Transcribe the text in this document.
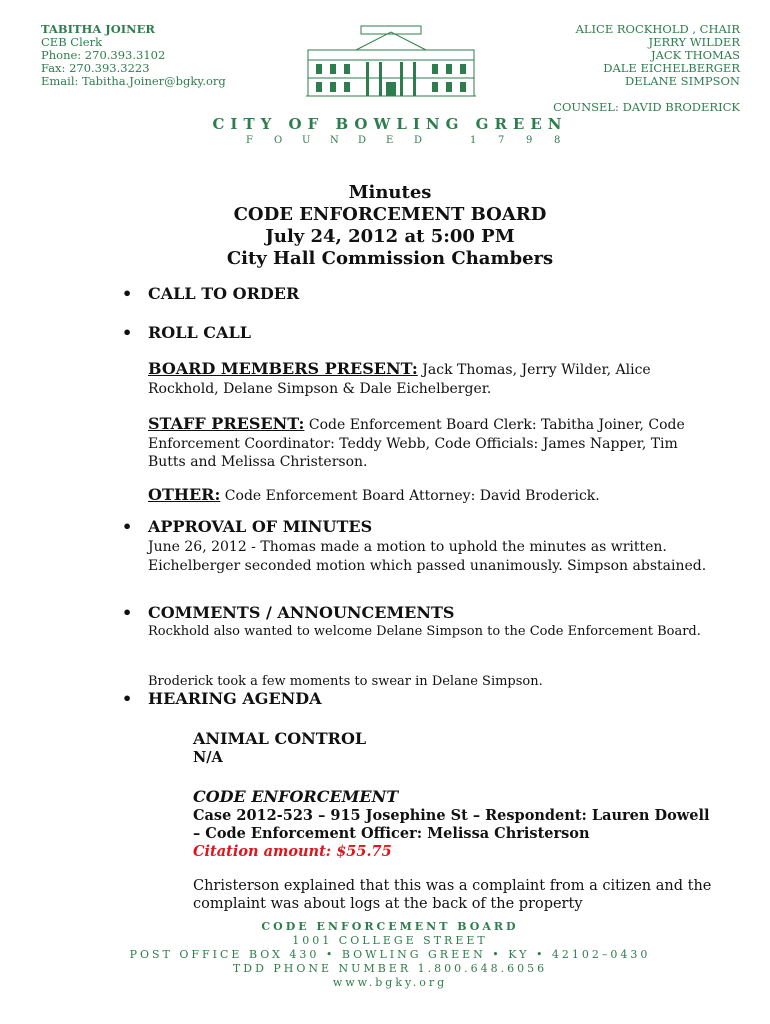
TABITHA JOINER
CEB Clerk
Phone: 270.393.3102
Fax: 270.393.3223
Email: Tabitha.Joiner@bgky.org
ALICE ROCKHOLD , CHAIR
JERRY WILDER
JACK THOMAS
DALE EICHELBERGER
DELANE SIMPSON
COUNSEL: DAVID BRODERICK
CITY OF BOWLING GREEN
F O U N D E D	1 7 9 8
Minutes
CODE ENFORCEMENT BOARD
July 24, 2012 at 5:00 PM
City Hall Commission Chambers
• CALL TO ORDER
• ROLL CALL
BOARD MEMBERS PRESENT: Jack Thomas, Jerry Wilder, Alice Rockhold, Delane Simpson & Dale Eichelberger.
STAFF PRESENT: Code Enforcement Board Clerk: Tabitha Joiner, Code Enforcement Coordinator: Teddy Webb, Code Officials: James Napper, Tim Butts and Melissa Christerson.
OTHER: Code Enforcement Board Attorney: David Broderick.
• APPROVAL OF MINUTES
June 26, 2012 - Thomas made a motion to uphold the minutes as written. Eichelberger seconded motion which passed unanimously. Simpson abstained.
• COMMENTS / ANNOUNCEMENTS
Rockhold also wanted to welcome Delane Simpson to the Code Enforcement Board.
Broderick took a few moments to swear in Delane Simpson.
• HEARING AGENDA
ANIMAL CONTROL
N/A
CODE ENFORCEMENT
Case 2012-523 – 915 Josephine St – Respondent: Lauren Dowell – Code Enforcement Officer: Melissa Christerson
Citation amount: $55.75
Christerson explained that this was a complaint from a citizen and the complaint was about logs at the back of the property
CODE ENFORCEMENT BOARD
1001 COLLEGE STREET
POST OFFICE BOX 430 • BOWLING GREEN • KY • 42102–0430
TDD PHONE NUMBER 1.800.648.6056
www.bgky.org
